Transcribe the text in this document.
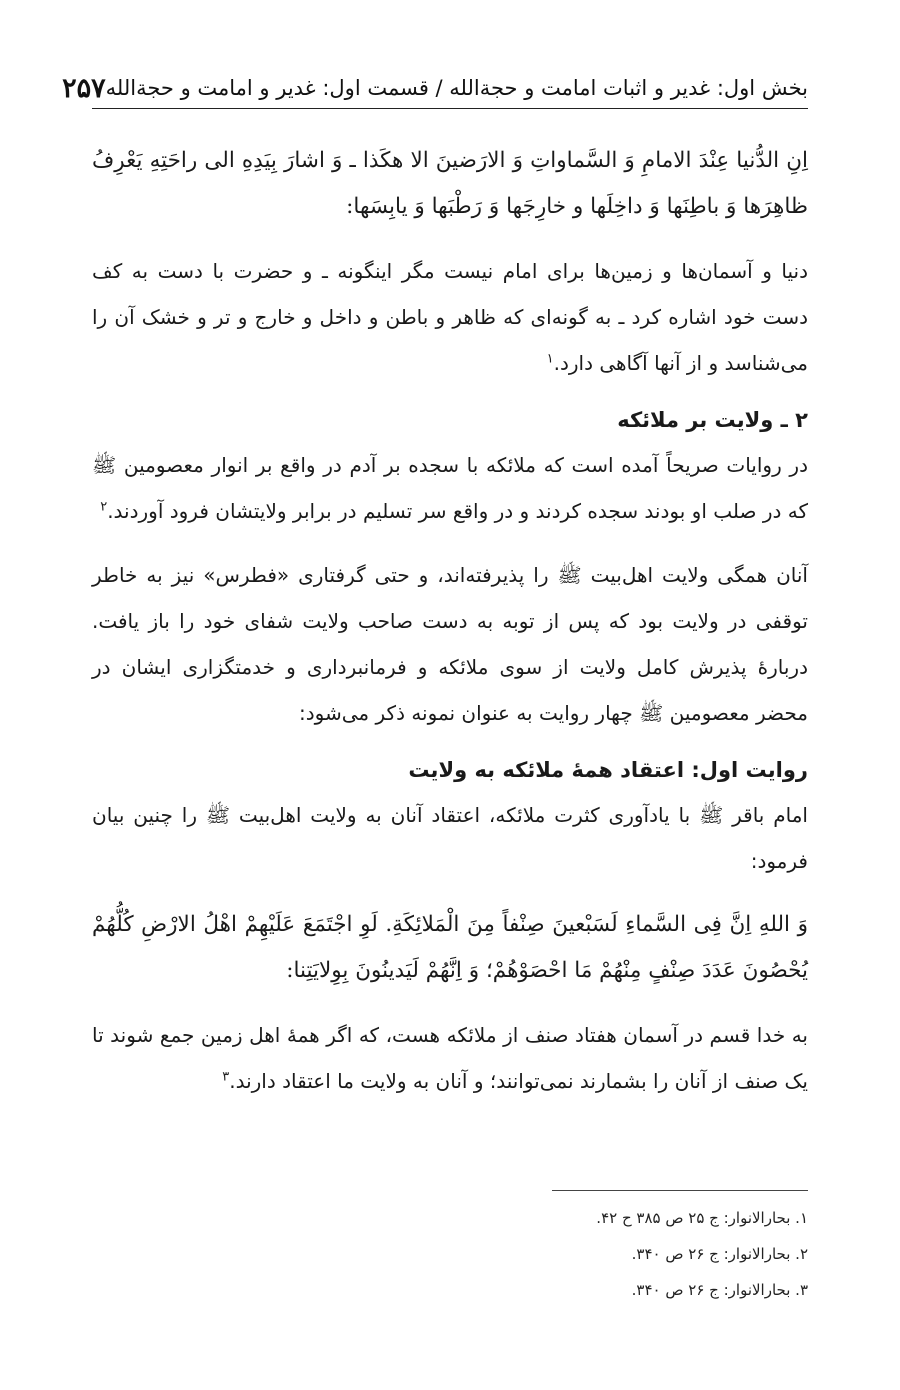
بخش اول: غدیر و اثبات امامت و حجةالله / قسمت اول: غدیر و امامت و حجةالله
۲۵۷

اِنِ الدُّنیا عِنْدَ الامامِ وَ السَّماواتِ وَ الارَضینَ الا هکَذا ـ وَ اشارَ بِیَدِهِ الی راحَتِهِ یَعْرِفُ ظاهِرَها وَ باطِنَها وَ داخِلَها و خارِجَها وَ رَطْبَها وَ یابِسَها:

دنیا و آسمان‌ها و زمین‌ها برای امام نیست مگر اینگونه ـ و حضرت با دست به کف دست خود اشاره کرد ـ به گونه‌ای که ظاهر و باطن و داخل و خارج و تر و خشک آن را می‌شناسد و از آنها آگاهی دارد.$^۱$

۲ ـ ولایت بر ملائکه

در روایات صریحاً آمده است که ملائکه با سجده بر آدم در واقع بر انوار معصومین ﷺ که در صلب او بودند سجده کردند و در واقع سر تسلیم در برابر ولایتشان فرود آوردند.$^۲$

آنان همگی ولایت اهل‌بیت ﷺ را پذیرفته‌اند، و حتی گرفتاری «فطرس» نیز به خاطر توقفی در ولایت بود که پس از توبه به دست صاحب ولایت شفای خود را باز یافت. دربارهٔ پذیرش کامل ولایت از سوی ملائکه و فرمانبرداری و خدمتگزاری ایشان در محضر معصومین ﷺ چهار روایت به عنوان نمونه ذکر می‌شود:

روایت اول: اعتقاد همهٔ ملائکه به ولایت

امام باقر ﷺ با یادآوری کثرت ملائکه، اعتقاد آنان به ولایت اهل‌بیت ﷺ را چنین بیان فرمود:

وَ اللهِ اِنَّ فِی السَّماءِ لَسَبْعینَ صِنْفاً مِنَ الْمَلائِکَةِ. لَوِ اجْتَمَعَ عَلَیْهِمْ اهْلُ الارْضِ کُلُّهُمْ یُحْصُونَ عَدَدَ صِنْفٍ مِنْهُمْ مَا احْصَوْهُمْ؛ وَ اِنَّهُمْ لَیَدینُونَ بِوِلایَتِنا:

به خدا قسم در آسمان هفتاد صنف از ملائکه هست، که اگر همهٔ اهل زمین جمع شوند تا یک صنف از آنان را بشمارند نمی‌توانند؛ و آنان به ولایت ما اعتقاد دارند.$^۳$

۱. بحارالانوار: ج ۲۵ ص ۳۸۵ ح ۴۲.
۲. بحارالانوار: ج ۲۶ ص ۳۴۰.
۳. بحارالانوار: ج ۲۶ ص ۳۴۰.
